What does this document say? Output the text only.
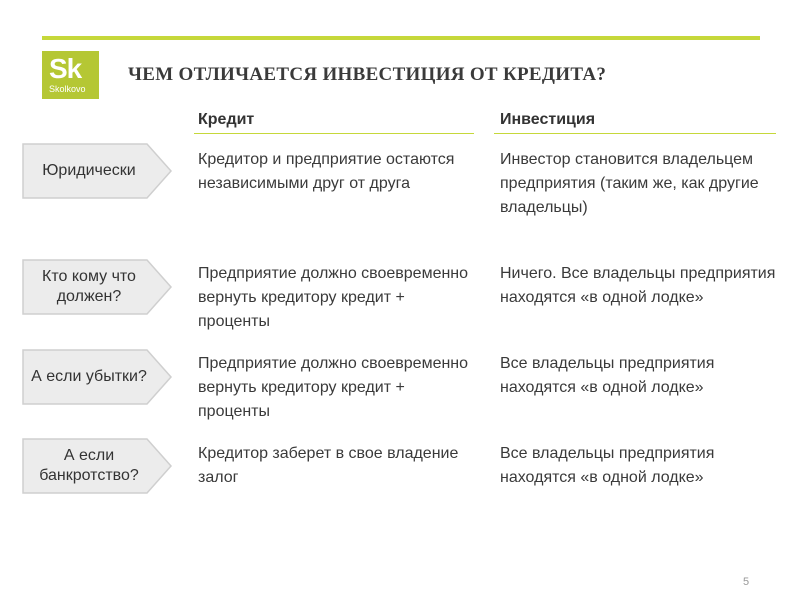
Sk
Skolkovo
ЧЕМ ОТЛИЧАЕТСЯ ИНВЕСТИЦИЯ ОТ КРЕДИТА?
Кредит	Инвестиция
Юридически
Кредитор и предприятие остаются независимыми друг от друга
Инвестор становится владельцем предприятия (таким же, как другие владельцы)
Кто кому что должен?
Предприятие должно своевременно вернуть кредитору кредит + проценты
Ничего. Все владельцы предприятия находятся «в одной лодке»
А если убытки?
Предприятие должно своевременно вернуть кредитору кредит + проценты
Все владельцы предприятия находятся «в одной лодке»
А если банкротство?
Кредитор заберет в свое владение залог
Все владельцы предприятия находятся «в одной лодке»
5
